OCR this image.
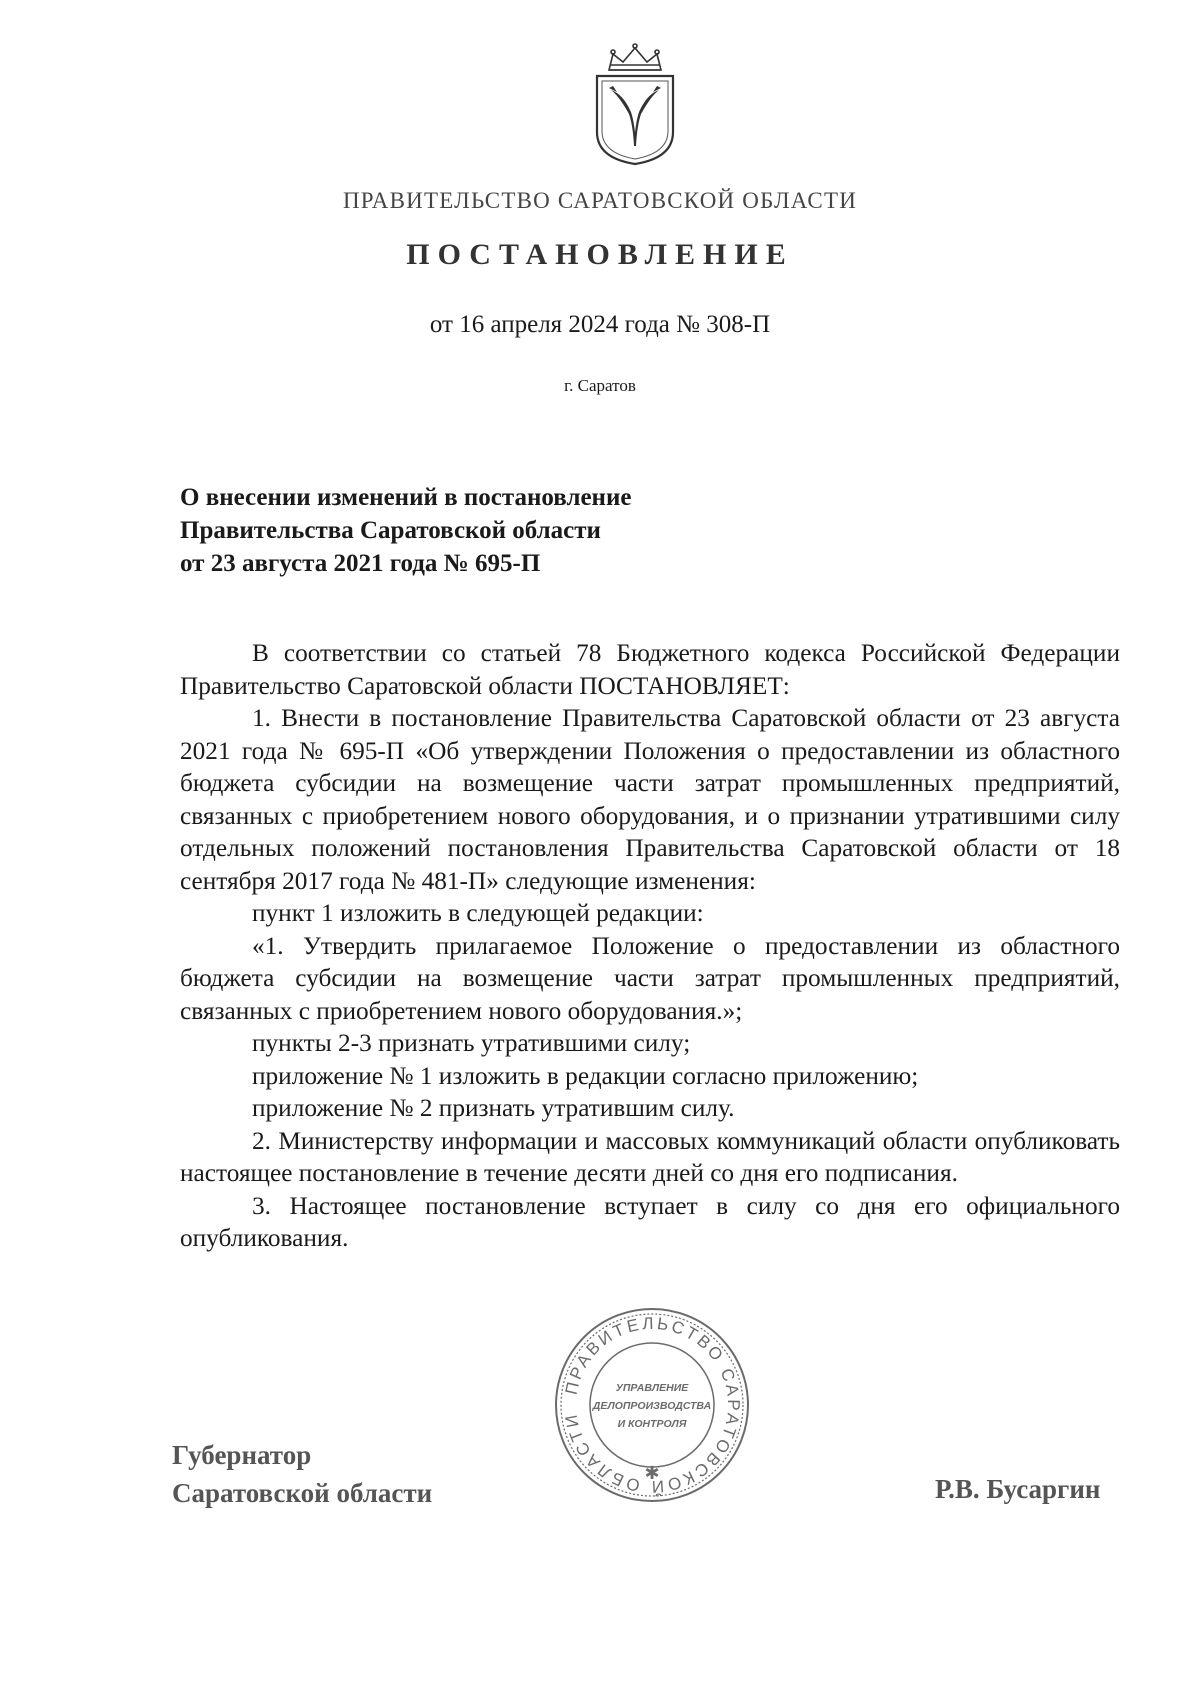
ПРАВИТЕЛЬСТВО САРАТОВСКОЙ ОБЛАСТИ
ПОСТАНОВЛЕНИЕ
от 16 апреля 2024 года № 308-П
г. Саратов
О внесении изменений в постановление
Правительства Саратовской области
от 23 августа 2021 года № 695-П

В соответствии со статьей 78 Бюджетного кодекса Российской Федерации Правительство Саратовской области ПОСТАНОВЛЯЕТ:

1. Внести в постановление Правительства Саратовской области от 23 августа 2021 года № 695-П «Об утверждении Положения о предоставлении из областного бюджета субсидии на возмещение части затрат промышленных предприятий, связанных с приобретением нового оборудования, и о признании утратившими силу отдельных положений постановления Правительства Саратовской области от 18 сентября 2017 года № 481-П» следующие изменения:

пункт 1 изложить в следующей редакции:

«1. Утвердить прилагаемое Положение о предоставлении из областного бюджета субсидии на возмещение части затрат промышленных предприятий, связанных с приобретением нового оборудования.»;

пункты 2-3 признать утратившими силу;

приложение № 1 изложить в редакции согласно приложению;

приложение № 2 признать утратившим силу.

2. Министерству информации и массовых коммуникаций области опубликовать настоящее постановление в течение десяти дней со дня его подписания.

3. Настоящее постановление вступает в силу со дня его официального опубликования.

Губернатор
Саратовской области	Р.В. Бусаргин
ПРАВИТЕЛЬСТВО САРАТОВСКОЙ ОБЛАСТИ
✱
УПРАВЛЕНИЕ
ДЕЛОПРОИЗВОДСТВА
И КОНТРОЛЯ
